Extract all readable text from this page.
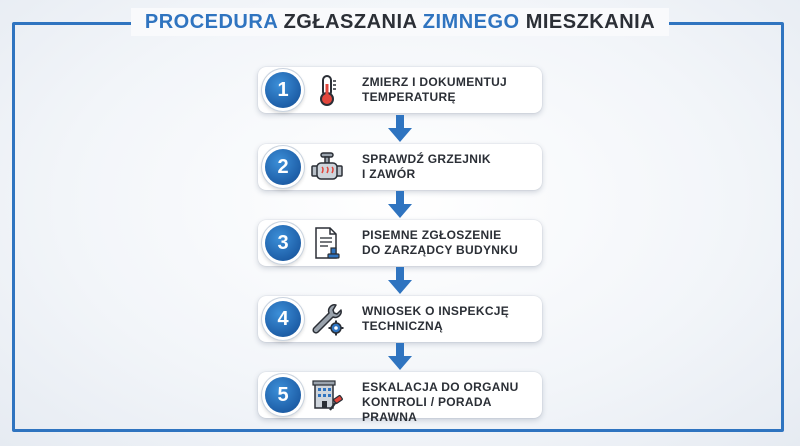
PROCEDURA ZGŁASZANIA ZIMNEGO MIESZKANIA
1	ZMIERZ I DOKUMENTUJ
TEMPERATURĘ
2	SPRAWDŹ GRZEJNIK
I ZAWÓR
3	PISEMNE ZGŁOSZENIE
DO ZARZĄDCY BUDYNKU
4	WNIOSEK O INSPEKCJĘ
TECHNICZNĄ
5	ESKALACJA DO ORGANU
KONTROLI / PORADA PRAWNA
